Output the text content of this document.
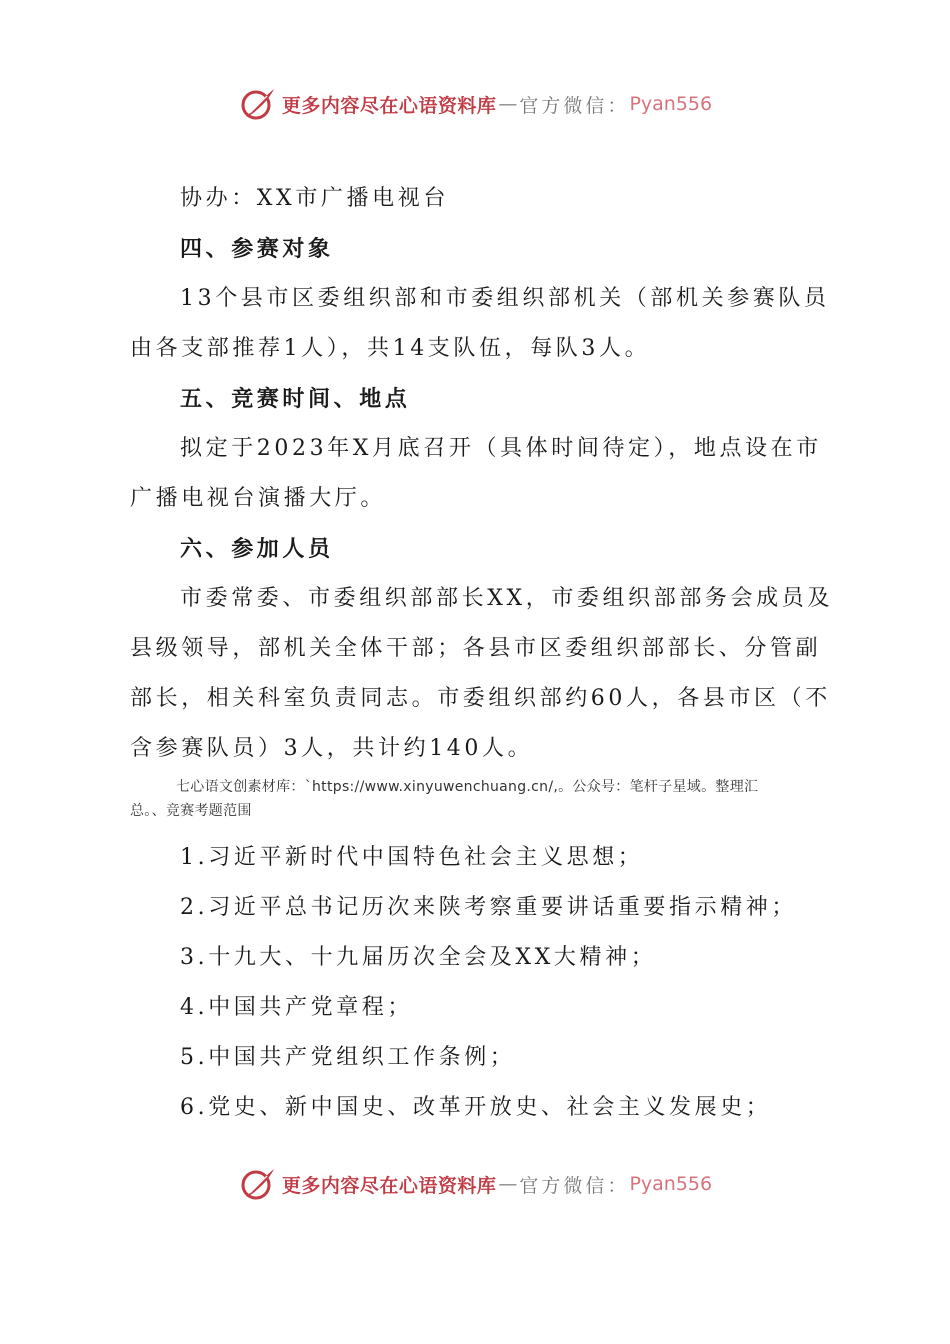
更多内容尽在心语资料库 — 官方微信： Pyan556
协办：XX市广播电视台
四、参赛对象
13个县市区委组织部和市委组织部机关（部机关参赛队员
由各支部推荐1人），共14支队伍，每队3人。
五、竞赛时间、地点
拟定于2023年X月底召开（具体时间待定），地点设在市
广播电视台演播大厅。
六、参加人员
市委常委、市委组织部部长XX，市委组织部部务会成员及
县级领导，部机关全体干部；各县市区委组织部部长、分管副
部长，相关科室负责同志。市委组织部约60人，各县市区（不
含参赛队员）3人，共计约140人。
七心语文创素材库：`https://www.xinyuwenchuang.cn/,。公众号：笔杆子星域。整理汇
总。、竞赛考题范围
1.习近平新时代中国特色社会主义思想；
2.习近平总书记历次来陕考察重要讲话重要指示精神；
3.十九大、十九届历次全会及XX大精神；
4.中国共产党章程；
5.中国共产党组织工作条例；
6.党史、新中国史、改革开放史、社会主义发展史；
更多内容尽在心语资料库 — 官方微信： Pyan556
